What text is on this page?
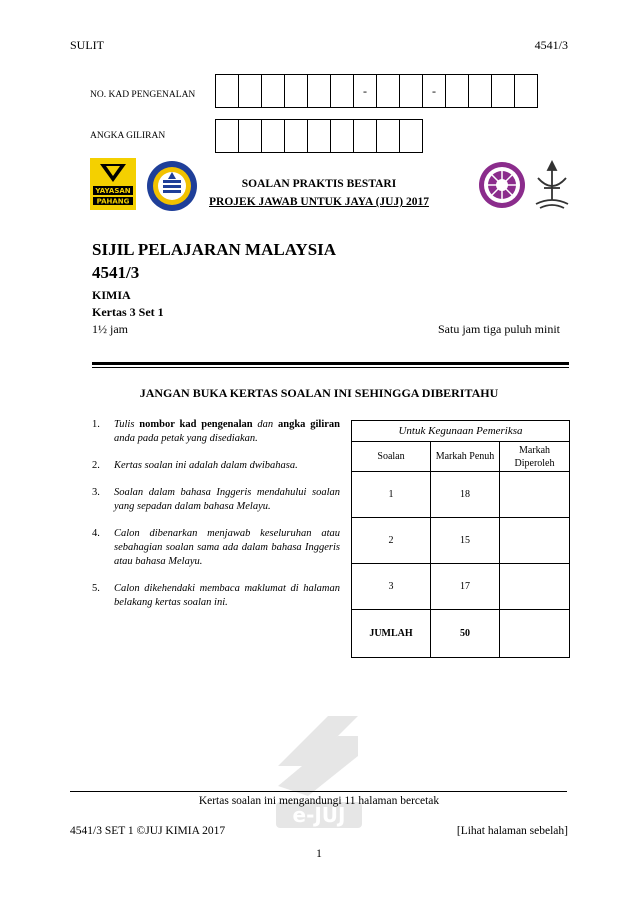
SULIT	4541/3
NO. KAD PENGENALAN	-	-
ANGKA GILIRAN
YAYASAN
PAHANG
SOALAN PRAKTIS BESTARI
PROJEK JAWAB UNTUK JAYA (JUJ) 2017
SIJIL PELAJARAN MALAYSIA
4541/3
KIMIA
Kertas 3 Set 1
1½ jam	Satu jam tiga puluh minit
JANGAN BUKA KERTAS SOALAN INI SEHINGGA DIBERITAHU
1.	Tulis nombor kad pengenalan dan angka giliran anda pada petak yang disediakan.
2.	Kertas soalan ini adalah dalam dwibahasa.
3.	Soalan dalam bahasa Inggeris mendahului soalan yang sepadan dalam bahasa Melayu.
4.	Calon dibenarkan menjawab keseluruhan atau sebahagian soalan sama ada dalam bahasa Inggeris atau bahasa Melayu.
5.	Calon dikehendaki membaca maklumat di halaman belakang kertas soalan ini.
Untuk Kegunaan Pemeriksa		
Soalan	Markah Penuh	Markah Diperoleh
1	18	
2	15	
3	17	
JUMLAH	50	
e-JUJ
Kertas soalan ini mengandungi 11 halaman bercetak
4541/3 SET 1 ©JUJ KIMIA 2017	[Lihat halaman sebelah]
1
